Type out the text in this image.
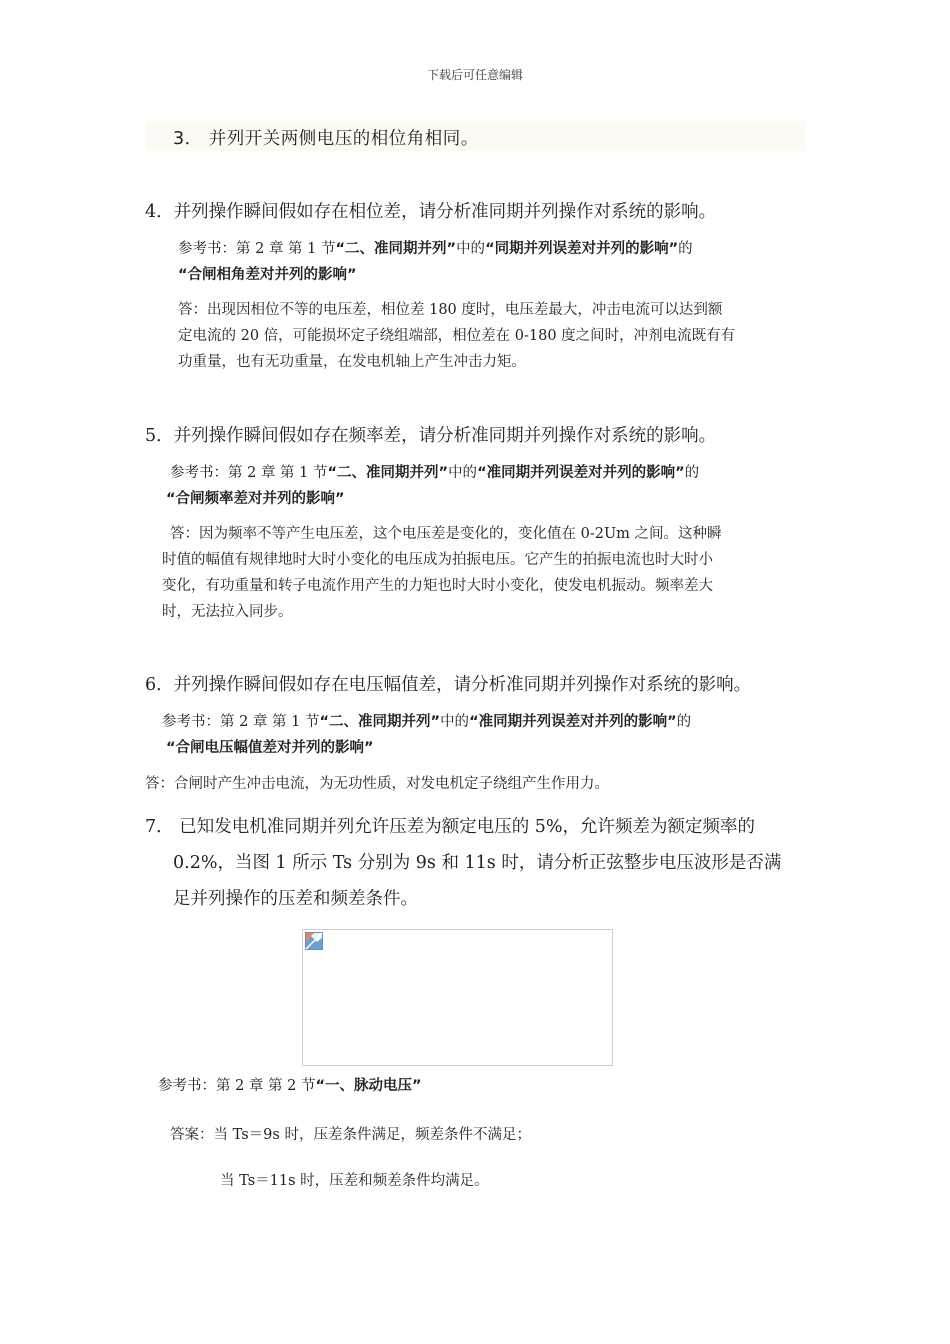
下载后可任意编辑
3． 并列开关两侧电压的相位角相同。
4．并列操作瞬间假如存在相位差，请分析准同期并列操作对系统的影响。
参考书：第 2 章 第 1 节“二、准同期并列”中的“同期并列误差对并列的影响”的
“合闸相角差对并列的影响”
答：出现因相位不等的电压差，相位差 180 度时，电压差最大，冲击电流可以达到额
定电流的 20 倍，可能损坏定子绕组端部，相位差在 0-180 度之间时，冲剂电流既有有
功重量，也有无功重量，在发电机轴上产生冲击力矩。
5．并列操作瞬间假如存在频率差，请分析准同期并列操作对系统的影响。
参考书：第 2 章 第 1 节“二、准同期并列”中的“准同期并列误差对并列的影响”的
“合闸频率差对并列的影响”
答：因为频率不等产生电压差，这个电压差是变化的，变化值在 0-2Um 之间。这种瞬
时值的幅值有规律地时大时小变化的电压成为拍振电压。它产生的拍振电流也时大时小
变化，有功重量和转子电流作用产生的力矩也时大时小变化，使发电机振动。频率差大
时，无法拉入同步。
6．并列操作瞬间假如存在电压幅值差，请分析准同期并列操作对系统的影响。
参考书：第 2 章 第 1 节“二、准同期并列”中的“准同期并列误差对并列的影响”的
“合闸电压幅值差对并列的影响”
答：合闸时产生冲击电流，为无功性质，对发电机定子绕组产生作用力。
7． 已知发电机准同期并列允许压差为额定电压的 5%，允许频差为额定频率的
0.2%，当图 1 所示 Ts 分别为 9s 和 11s 时，请分析正弦整步电压波形是否满
足并列操作的压差和频差条件。
参考书：第 2 章 第 2 节“一、脉动电压”
答案：当 Ts＝9s 时，压差条件满足，频差条件不满足；
当 Ts＝11s 时，压差和频差条件均满足。
